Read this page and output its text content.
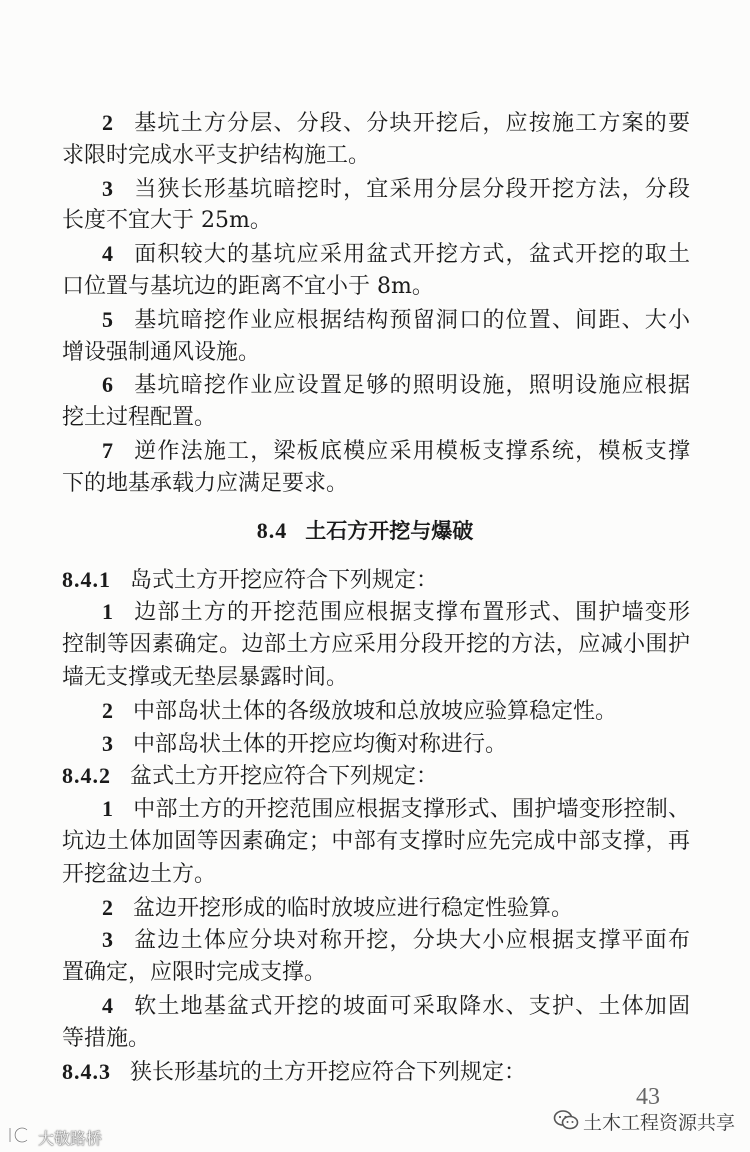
2 基坑土方分层、分段、分块开挖后，应按施工方案的要
求限时完成水平支护结构施工。
3 当狭长形基坑暗挖时，宜采用分层分段开挖方法，分段
长度不宜大于 25m。
4 面积较大的基坑应采用盆式开挖方式，盆式开挖的取土
口位置与基坑边的距离不宜小于 8m。
5 基坑暗挖作业应根据结构预留洞口的位置、间距、大小
增设强制通风设施。
6 基坑暗挖作业应设置足够的照明设施，照明设施应根据
挖土过程配置。
7 逆作法施工，梁板底模应采用模板支撑系统，模板支撑
下的地基承载力应满足要求。
8.4 土石方开挖与爆破
8.4.1 岛式土方开挖应符合下列规定：
1 边部土方的开挖范围应根据支撑布置形式、围护墙变形
控制等因素确定。边部土方应采用分段开挖的方法，应减小围护
墙无支撑或无垫层暴露时间。
2 中部岛状土体的各级放坡和总放坡应验算稳定性。
3 中部岛状土体的开挖应均衡对称进行。
8.4.2 盆式土方开挖应符合下列规定：
1 中部土方的开挖范围应根据支撑形式、围护墙变形控制、
坑边土体加固等因素确定；中部有支撑时应先完成中部支撑，再
开挖盆边土方。
2 盆边开挖形成的临时放坡应进行稳定性验算。
3 盆边土体应分块对称开挖，分块大小应根据支撑平面布
置确定，应限时完成支撑。
4 软土地基盆式开挖的坡面可采取降水、支护、土体加固
等措施。
8.4.3 狭长形基坑的土方开挖应符合下列规定：
43
土木工程资源共享
大敬路桥
